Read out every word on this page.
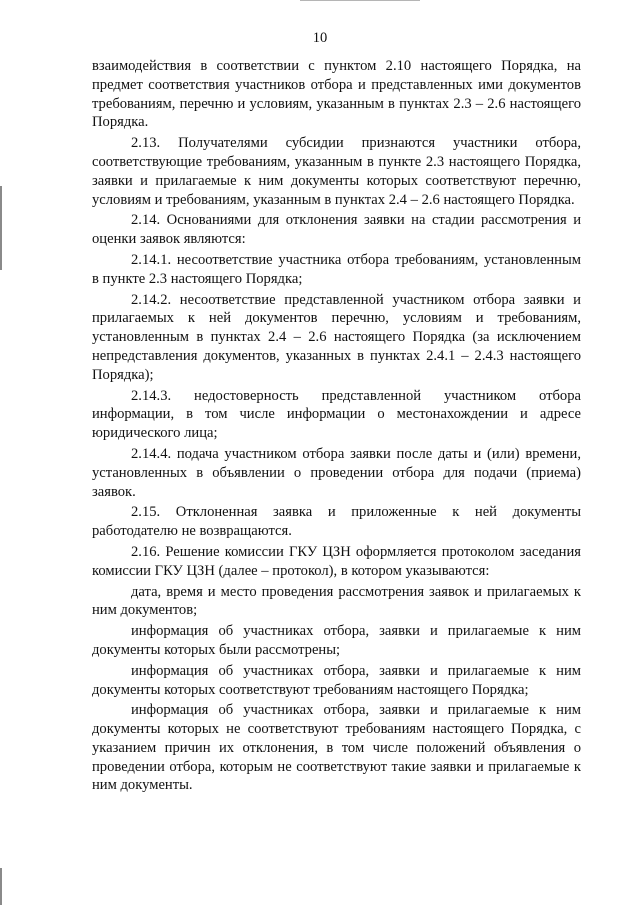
10

взаимодействия в соответствии с пунктом 2.10 настоящего Порядка, на предмет соответствия участников отбора и представленных ими документов требованиям, перечню и условиям, указанным в пунктах 2.3 – 2.6 настоящего Порядка.

2.13. Получателями субсидии признаются участники отбора, соответствующие требованиям, указанным в пункте 2.3 настоящего Порядка, заявки и прилагаемые к ним документы которых соответствуют перечню, условиям и требованиям, указанным в пунктах 2.4 – 2.6 настоящего Порядка.

2.14. Основаниями для отклонения заявки на стадии рассмотрения и оценки заявок являются:

2.14.1. несоответствие участника отбора требованиям, установленным в пункте 2.3 настоящего Порядка;

2.14.2. несоответствие представленной участником отбора заявки и прилагаемых к ней документов перечню, условиям и требованиям, установленным в пунктах 2.4 – 2.6 настоящего Порядка (за исключением непредставления документов, указанных в пунктах 2.4.1 – 2.4.3 настоящего Порядка);

2.14.3. недостоверность представленной участником отбора информации, в том числе информации о местонахождении и адресе юридического лица;

2.14.4. подача участником отбора заявки после даты и (или) времени, установленных в объявлении о проведении отбора для подачи (приема) заявок.

2.15. Отклоненная заявка и приложенные к ней документы работодателю не возвращаются.

2.16. Решение комиссии ГКУ ЦЗН оформляется протоколом заседания комиссии ГКУ ЦЗН (далее – протокол), в котором указываются:

дата, время и место проведения рассмотрения заявок и прилагаемых к ним документов;

информация об участниках отбора, заявки и прилагаемые к ним документы которых были рассмотрены;

информация об участниках отбора, заявки и прилагаемые к ним документы которых соответствуют требованиям настоящего Порядка;

информация об участниках отбора, заявки и прилагаемые к ним документы которых не соответствуют требованиям настоящего Порядка, с указанием причин их отклонения, в том числе положений объявления о проведении отбора, которым не соответствуют такие заявки и прилагаемые к ним документы.
